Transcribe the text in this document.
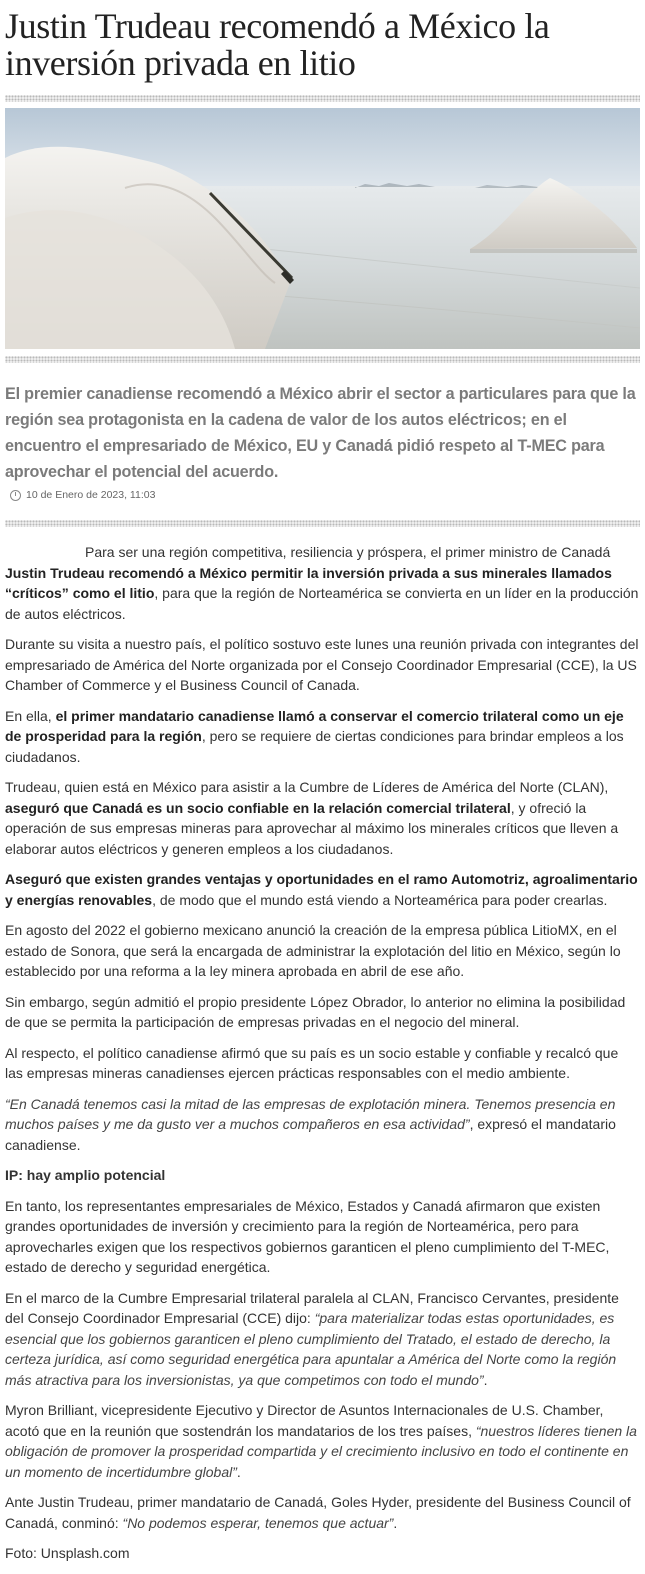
Justin Trudeau recomendó a México la inversión privada en litio

El premier canadiense recomendó a México abrir el sector a particulares para que la región sea protagonista en la cadena de valor de los autos eléctricos; en el encuentro el empresariado de México, EU y Canadá pidió respeto al T-MEC para aprovechar el potencial del acuerdo.

10 de Enero de 2023, 11:03

Para ser una región competitiva, resiliencia y próspera, el primer ministro de Canadá Justin Trudeau recomendó a México permitir la inversión privada a sus minerales llamados “críticos” como el litio, para que la región de Norteamérica se convierta en un líder en la producción de autos eléctricos.

Durante su visita a nuestro país, el político sostuvo este lunes una reunión privada con integrantes del empresariado de América del Norte organizada por el Consejo Coordinador Empresarial (CCE), la US Chamber of Commerce y el Business Council of Canada.

En ella, el primer mandatario canadiense llamó a conservar el comercio trilateral como un eje de prosperidad para la región, pero se requiere de ciertas condiciones para brindar empleos a los ciudadanos.

Trudeau, quien está en México para asistir a la Cumbre de Líderes de América del Norte (CLAN), aseguró que Canadá es un socio confiable en la relación comercial trilateral, y ofreció la operación de sus empresas mineras para aprovechar al máximo los minerales críticos que lleven a elaborar autos eléctricos y generen empleos a los ciudadanos.

Aseguró que existen grandes ventajas y oportunidades en el ramo Automotriz, agroalimentario y energías renovables, de modo que el mundo está viendo a Norteamérica para poder crearlas.

En agosto del 2022 el gobierno mexicano anunció la creación de la empresa pública LitioMX, en el estado de Sonora, que será la encargada de administrar la explotación del litio en México, según lo establecido por una reforma a la ley minera aprobada en abril de ese año.

Sin embargo, según admitió el propio presidente López Obrador, lo anterior no elimina la posibilidad de que se permita la participación de empresas privadas en el negocio del mineral.

Al respecto, el político canadiense afirmó que su país es un socio estable y confiable y recalcó que las empresas mineras canadienses ejercen prácticas responsables con el medio ambiente.

“En Canadá tenemos casi la mitad de las empresas de explotación minera. Tenemos presencia en muchos países y me da gusto ver a muchos compañeros en esa actividad”, expresó el mandatario canadiense.

IP: hay amplio potencial

En tanto, los representantes empresariales de México, Estados y Canadá afirmaron que existen grandes oportunidades de inversión y crecimiento para la región de Norteamérica, pero para aprovecharles exigen que los respectivos gobiernos garanticen el pleno cumplimiento del T-MEC, estado de derecho y seguridad energética.

En el marco de la Cumbre Empresarial trilateral paralela al CLAN, Francisco Cervantes, presidente del Consejo Coordinador Empresarial (CCE) dijo: “para materializar todas estas oportunidades, es esencial que los gobiernos garanticen el pleno cumplimiento del Tratado, el estado de derecho, la certeza jurídica, así como seguridad energética para apuntalar a América del Norte como la región más atractiva para los inversionistas, ya que competimos con todo el mundo”.

Myron Brilliant, vicepresidente Ejecutivo y Director de Asuntos Internacionales de U.S. Chamber, acotó que en la reunión que sostendrán los mandatarios de los tres países, “nuestros líderes tienen la obligación de promover la prosperidad compartida y el crecimiento inclusivo en todo el continente en un momento de incertidumbre global”.

Ante Justin Trudeau, primer mandatario de Canadá, Goles Hyder, presidente del Business Council of Canadá, conminó: “No podemos esperar, tenemos que actuar”.

Foto: Unsplash.com
